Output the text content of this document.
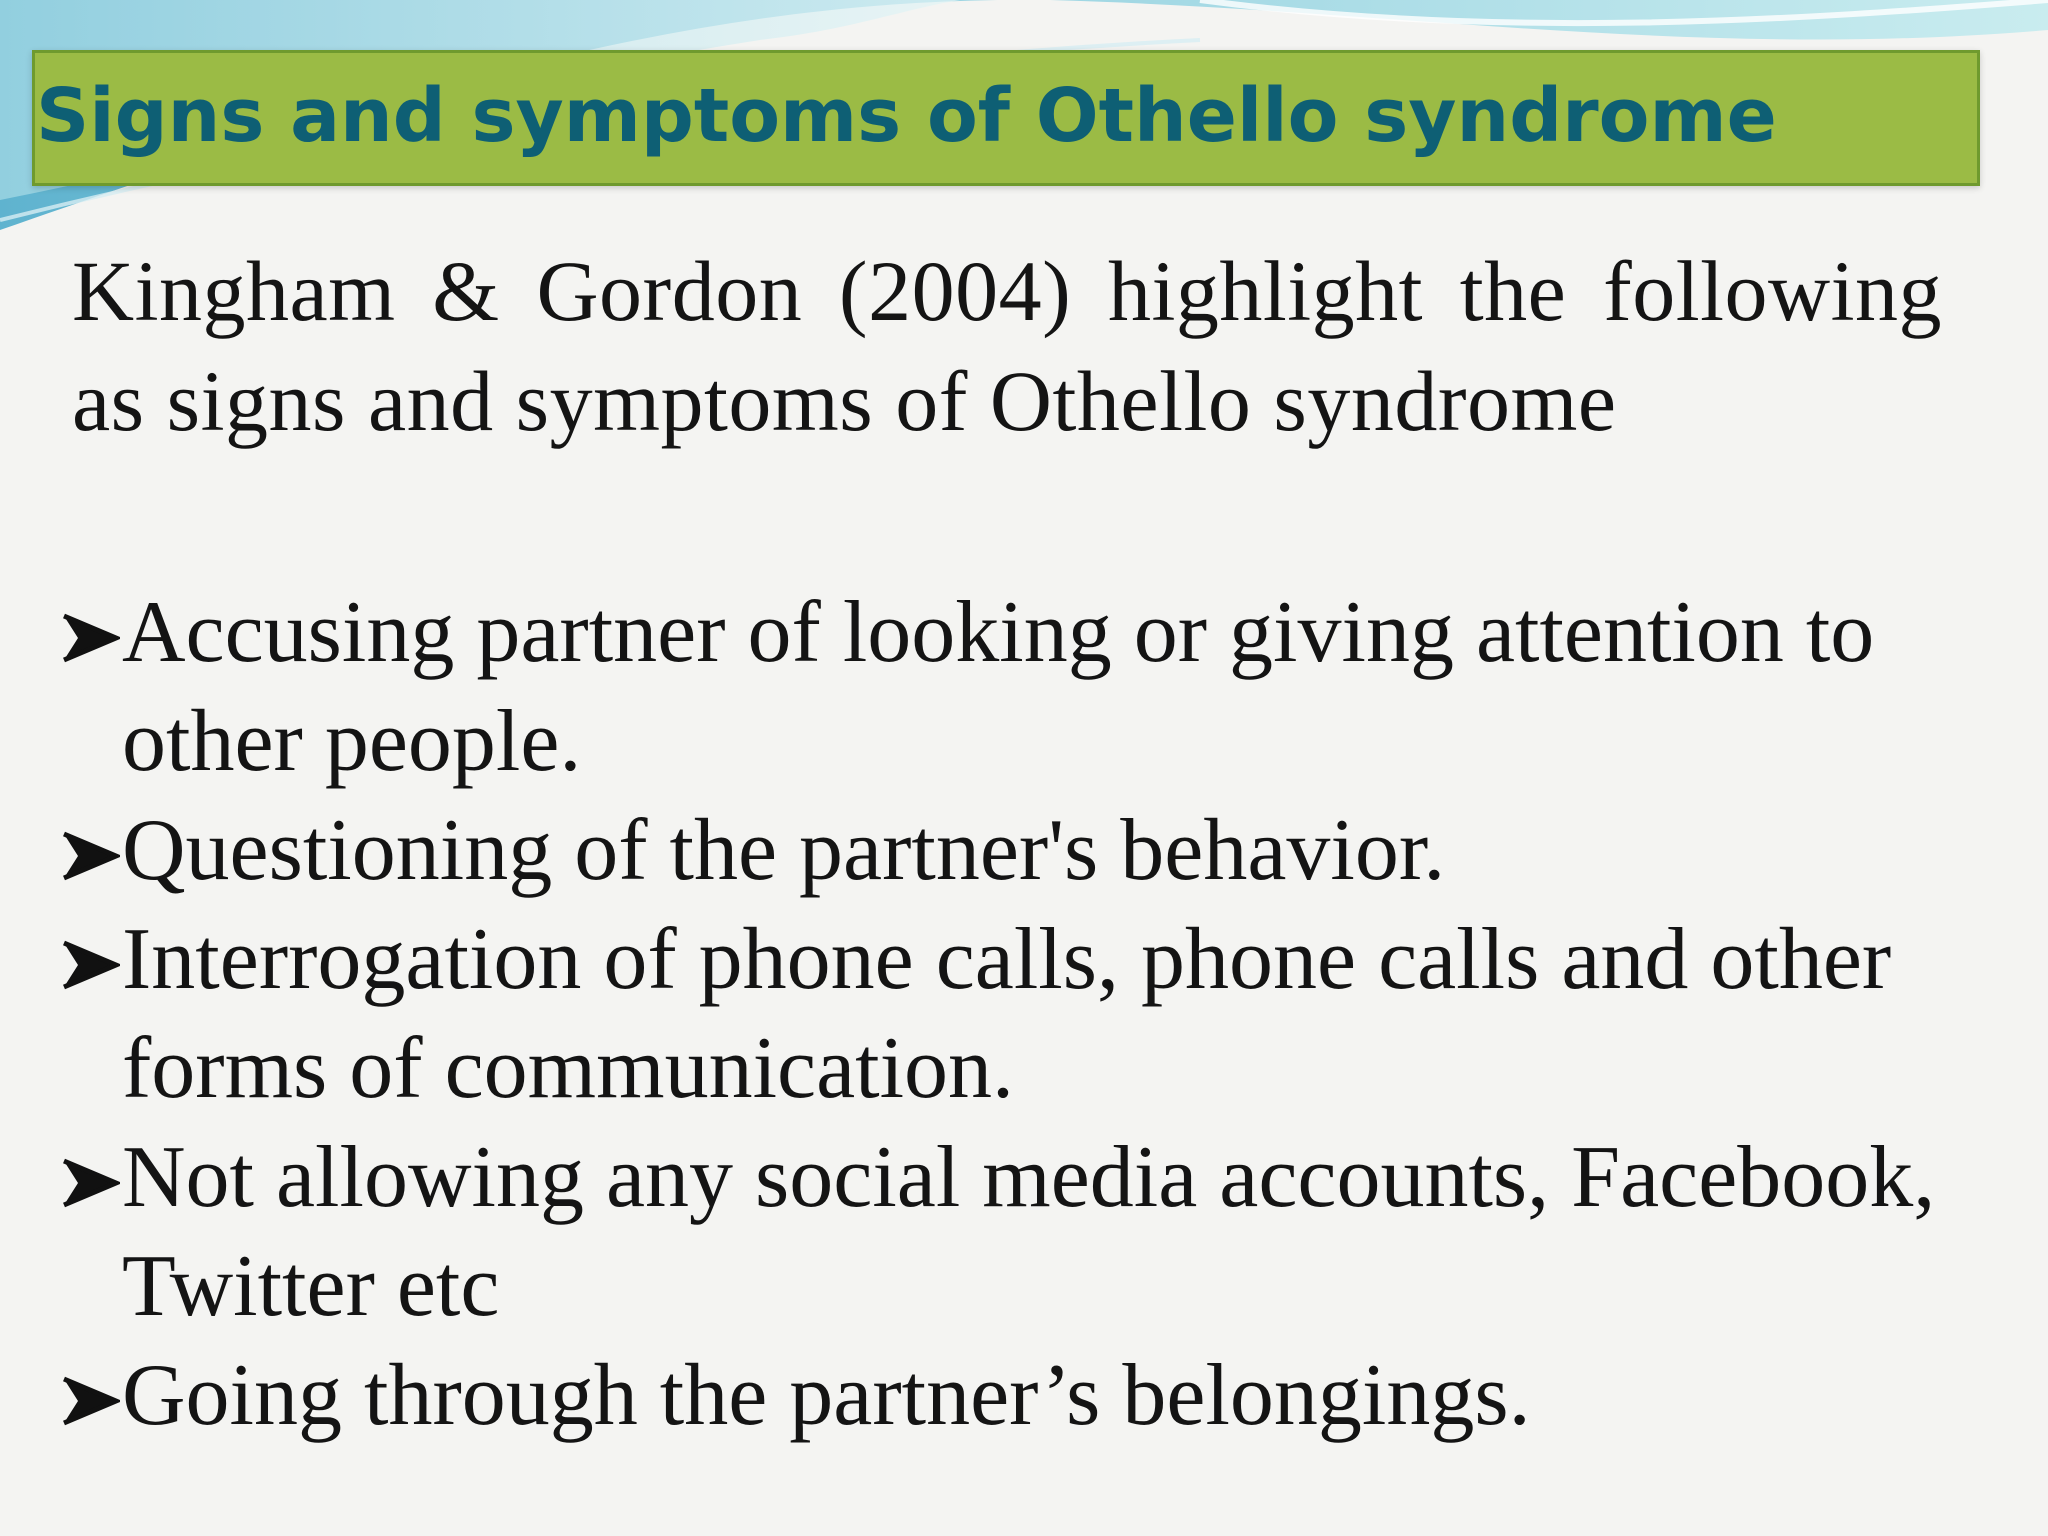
Signs and symptoms of Othello syndrome

Kingham & Gordon (2004) highlight the following as signs and symptoms of Othello syndrome

Accusing partner of looking or giving attention to other people.
Questioning of the partner's behavior.
Interrogation of phone calls, phone calls and other forms of communication.
Not allowing any social media accounts, Facebook, Twitter etc
Going through the partner’s belongings.
